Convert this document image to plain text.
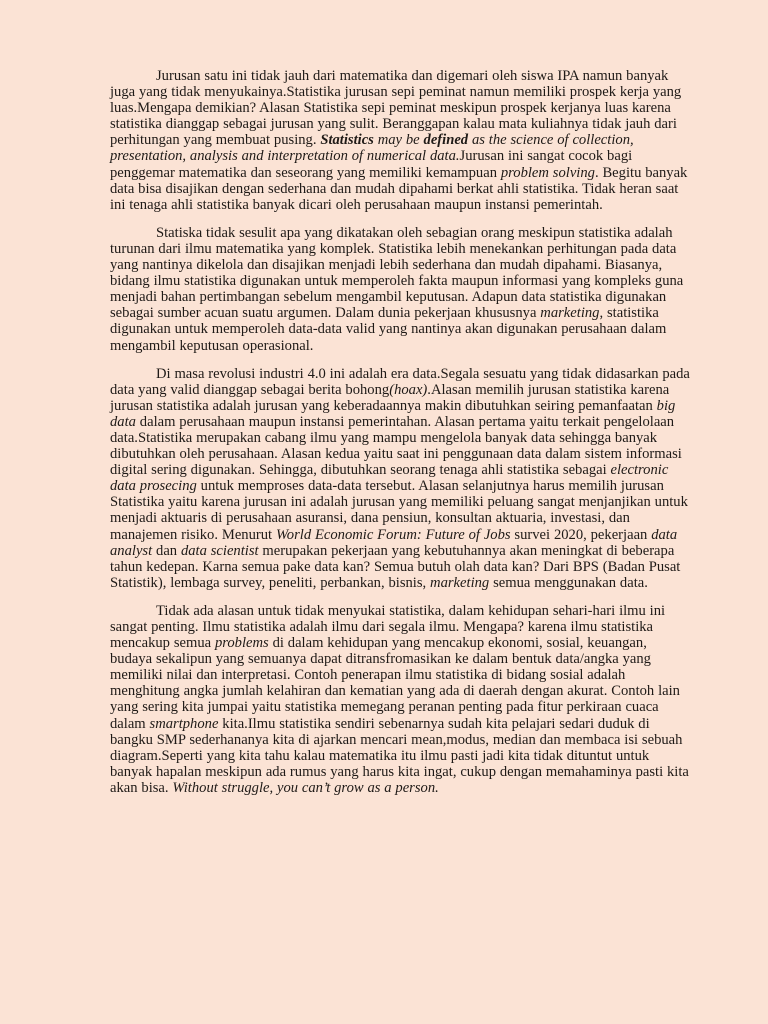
Jurusan satu ini tidak jauh dari matematika dan digemari oleh siswa IPA namun banyak juga yang tidak menyukainya.Statistika jurusan sepi peminat namun memiliki prospek kerja yang luas.Mengapa demikian? Alasan Statistika sepi peminat meskipun prospek kerjanya luas karena statistika dianggap sebagai jurusan yang sulit. Beranggapan kalau mata kuliahnya tidak jauh dari perhitungan yang membuat pusing. Statistics may be defined as the science of collection, presentation, analysis and interpretation of numerical data.Jurusan ini sangat cocok bagi penggemar matematika dan seseorang yang memiliki kemampuan problem solving. Begitu banyak data bisa disajikan dengan sederhana dan mudah dipahami berkat ahli statistika. Tidak heran saat ini tenaga ahli statistika banyak dicari oleh perusahaan maupun instansi pemerintah.

Statiska tidak sesulit apa yang dikatakan oleh sebagian orang meskipun statistika adalah turunan dari ilmu matematika yang komplek. Statistika lebih menekankan perhitungan pada data yang nantinya dikelola dan disajikan menjadi lebih sederhana dan mudah dipahami. Biasanya, bidang ilmu statistika digunakan untuk memperoleh fakta maupun informasi yang kompleks guna menjadi bahan pertimbangan sebelum mengambil keputusan. Adapun data statistika digunakan sebagai sumber acuan suatu argumen. Dalam dunia pekerjaan khususnya marketing, statistika digunakan untuk memperoleh data-data valid yang nantinya akan digunakan perusahaan dalam mengambil keputusan operasional.

Di masa revolusi industri 4.0 ini adalah era data.Segala sesuatu yang tidak didasarkan pada data yang valid dianggap sebagai berita bohong(hoax).Alasan memilih jurusan statistika karena jurusan statistika adalah jurusan yang keberadaannya makin dibutuhkan seiring pemanfaatan big data dalam perusahaan maupun instansi pemerintahan. Alasan pertama yaitu terkait pengelolaan data.Statistika merupakan cabang ilmu yang mampu mengelola banyak data sehingga banyak dibutuhkan oleh perusahaan. Alasan kedua yaitu saat ini penggunaan data dalam sistem informasi digital sering digunakan. Sehingga, dibutuhkan seorang tenaga ahli statistika sebagai electronic data prosecing untuk memproses data-data tersebut. Alasan selanjutnya harus memilih jurusan Statistika yaitu karena jurusan ini adalah jurusan yang memiliki peluang sangat menjanjikan untuk menjadi aktuaris di perusahaan asuransi, dana pensiun, konsultan aktuaria, investasi, dan manajemen risiko. Menurut World Economic Forum: Future of Jobs survei 2020, pekerjaan data analyst dan data scientist merupakan pekerjaan yang kebutuhannya akan meningkat di beberapa tahun kedepan. Karna semua pake data kan? Semua butuh olah data kan? Dari BPS (Badan Pusat Statistik), lembaga survey, peneliti, perbankan, bisnis, marketing semua menggunakan data.

Tidak ada alasan untuk tidak menyukai statistika, dalam kehidupan sehari-hari ilmu ini sangat penting. Ilmu statistika adalah ilmu dari segala ilmu. Mengapa? karena ilmu statistika mencakup semua problems di dalam kehidupan yang mencakup ekonomi, sosial, keuangan, budaya sekalipun yang semuanya dapat ditransfromasikan ke dalam bentuk data/angka yang memiliki nilai dan interpretasi. Contoh penerapan ilmu statistika di bidang sosial adalah menghitung angka jumlah kelahiran dan kematian yang ada di daerah dengan akurat. Contoh lain yang sering kita jumpai yaitu statistika memegang peranan penting pada fitur perkiraan cuaca dalam smartphone kita.Ilmu statistika sendiri sebenarnya sudah kita pelajari sedari duduk di bangku SMP sederhananya kita di ajarkan mencari mean,modus, median dan membaca isi sebuah diagram.Seperti yang kita tahu kalau matematika itu ilmu pasti jadi kita tidak dituntut untuk banyak hapalan meskipun ada rumus yang harus kita ingat, cukup dengan memahaminya pasti kita akan bisa. Without struggle, you can’t grow as a person.
